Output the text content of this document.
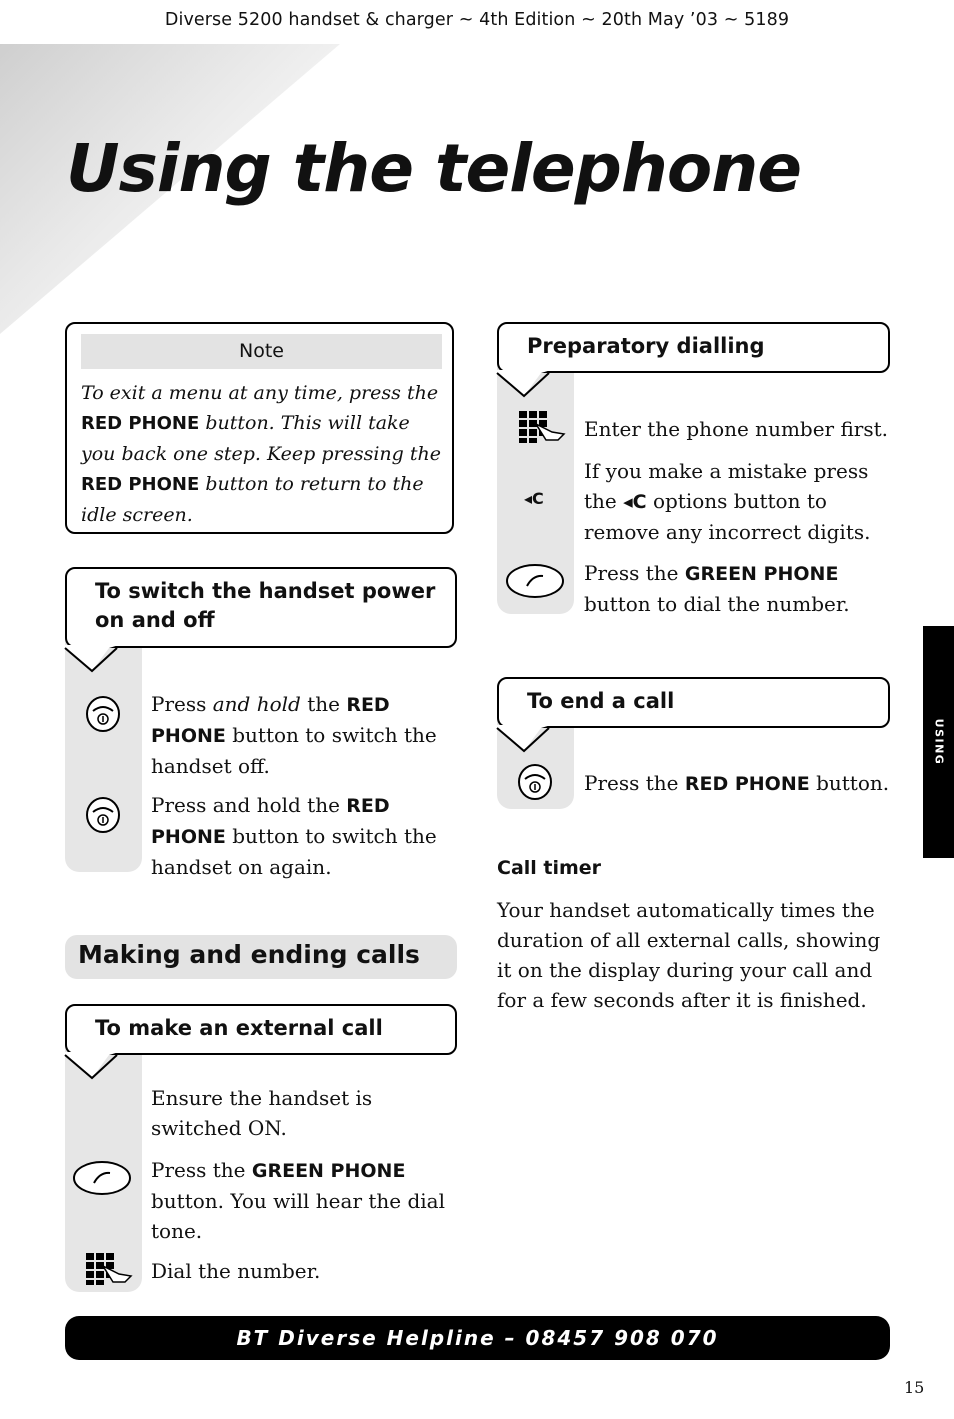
Diverse 5200 handset & charger ~ 4th Edition ~ 20th May ’03 ~ 5189
Using the telephone
Note

To exit a menu at any time, press the RED PHONE button. This will take you back one step. Keep pressing the RED PHONE button to return to the idle screen.

To switch the handset power on and off

Press and hold the RED PHONE button to switch the handset off.

Press and hold the RED PHONE button to switch the handset on again.

Making and ending calls
To make an external call

Ensure the handset is switched ON.

Press the GREEN PHONE button. You will hear the dial tone.

Dial the number.

Preparatory dialling

Enter the phone number first.

◂C

If you make a mistake press the ◂C options button to remove any incorrect digits.

Press the GREEN PHONE button to dial the number.

To end a call

Press the RED PHONE button.

Call timer

Your handset automatically times the duration of all external calls, showing it on the display during your call and for a few seconds after it is finished.

USING
BT Diverse Helpline – 08457 908 070
15
